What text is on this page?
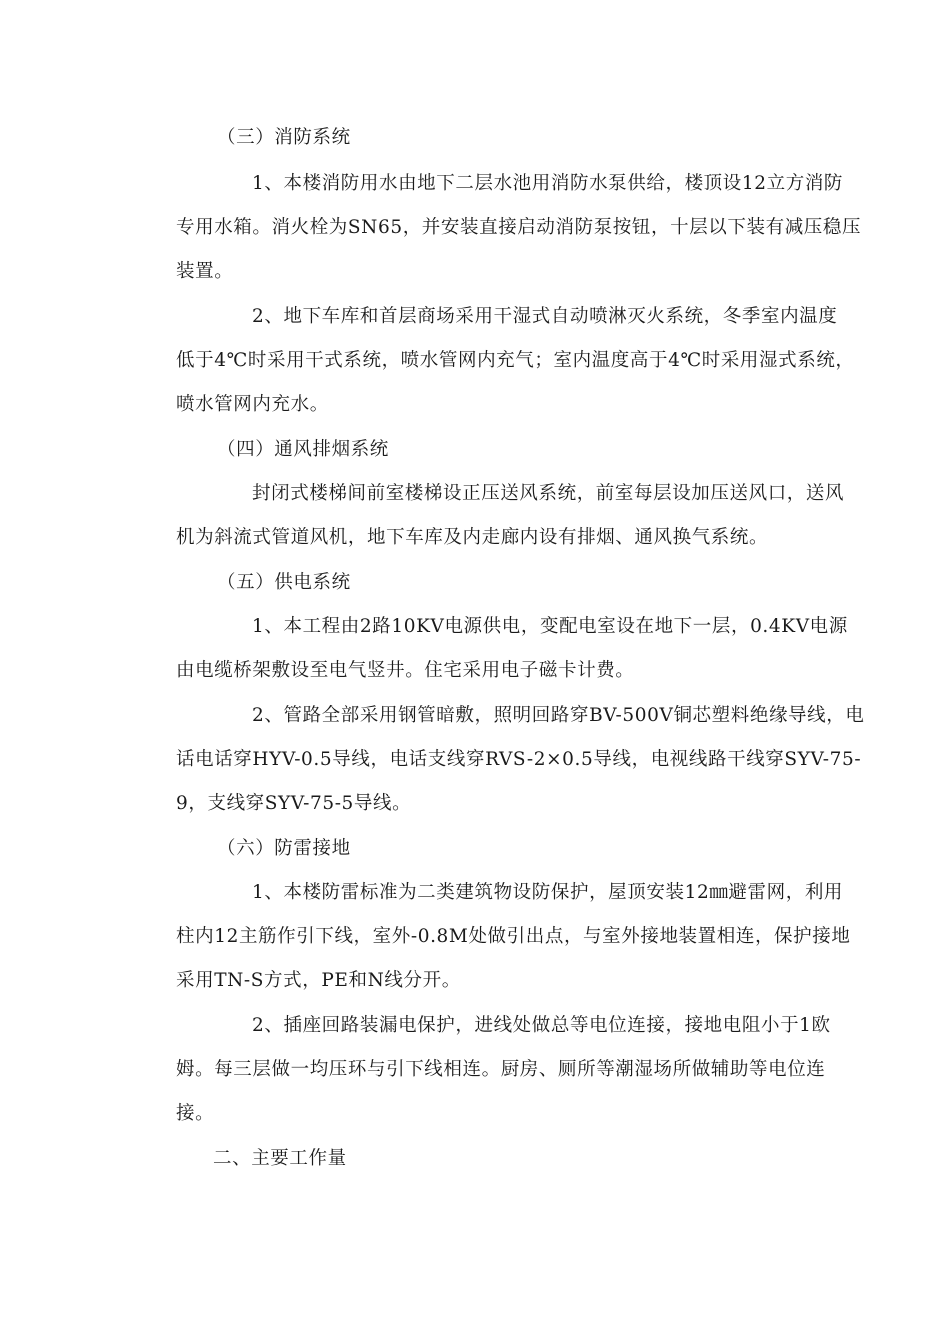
（三）消防系统
1、本楼消防用水由地下二层水池用消防水泵供给，楼顶设12立方消防
专用水箱。消火栓为SN65，并安装直接启动消防泵按钮，十层以下装有减压稳压
装置。
2、地下车库和首层商场采用干湿式自动喷淋灭火系统，冬季室内温度
低于4℃时采用干式系统，喷水管网内充气；室内温度高于4℃时采用湿式系统，
喷水管网内充水。
（四）通风排烟系统
封闭式楼梯间前室楼梯设正压送风系统，前室每层设加压送风口，送风
机为斜流式管道风机，地下车库及内走廊内设有排烟、通风换气系统。
（五）供电系统
1、本工程由2路10KV电源供电，变配电室设在地下一层，0.4KV电源
由电缆桥架敷设至电气竖井。住宅采用电子磁卡计费。
2、管路全部采用钢管暗敷，照明回路穿BV-500V铜芯塑料绝缘导线，电
话电话穿HYV-0.5导线，电话支线穿RVS-2×0.5导线，电视线路干线穿SYV-75-
9，支线穿SYV-75-5导线。
（六）防雷接地
1、本楼防雷标准为二类建筑物设防保护，屋顶安装12㎜避雷网，利用
柱内12主筋作引下线，室外-0.8M处做引出点，与室外接地装置相连，保护接地
采用TN-S方式，PE和N线分开。
2、插座回路装漏电保护，进线处做总等电位连接，接地电阻小于1欧
姆。每三层做一均压环与引下线相连。厨房、厕所等潮湿场所做辅助等电位连
接。
二、主要工作量
